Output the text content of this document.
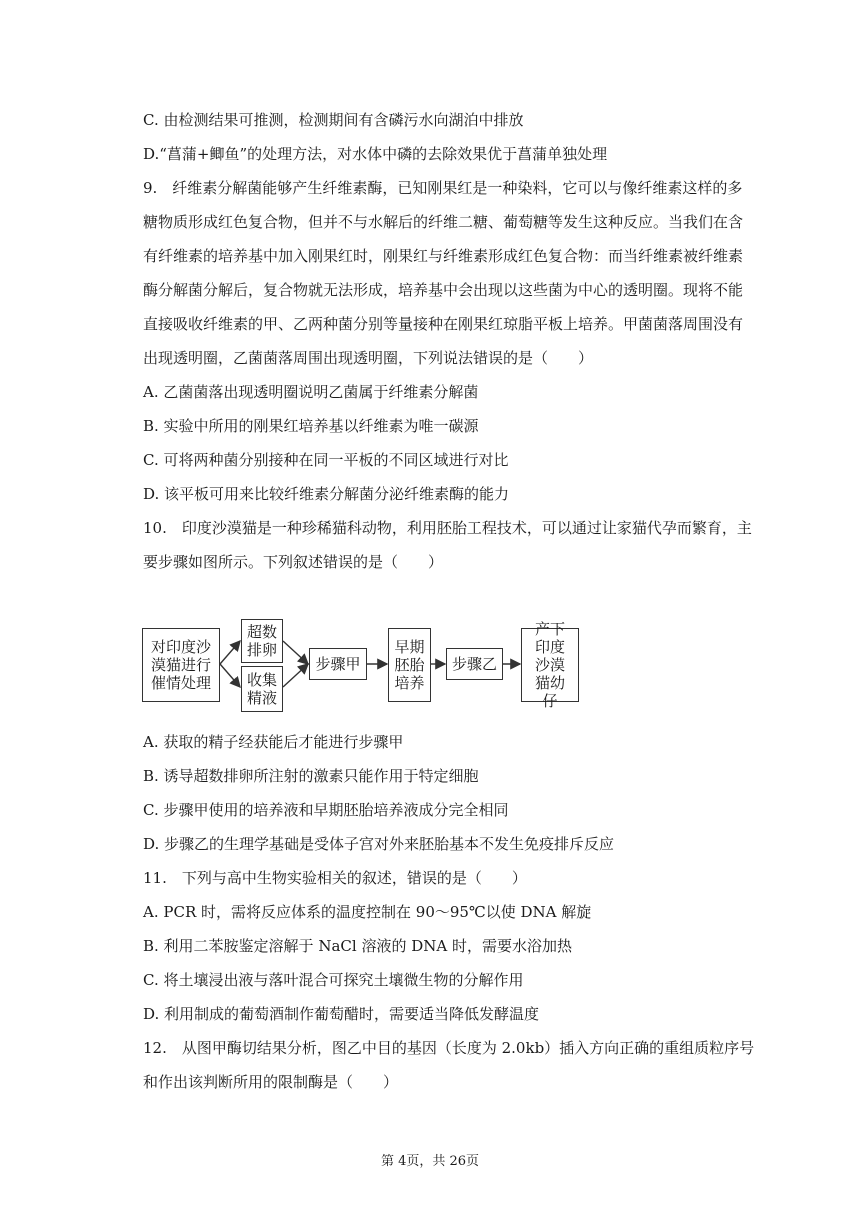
C. 由检测结果可推测，检测期间有含磷污水向湖泊中排放
D.“菖蒲+鲫鱼”的处理方法，对水体中磷的去除效果优于菖蒲单独处理
9.　纤维素分解菌能够产生纤维素酶，已知刚果红是一种染料，它可以与像纤维素这样的多
糖物质形成红色复合物，但并不与水解后的纤维二糖、葡萄糖等发生这种反应。当我们在含
有纤维素的培养基中加入刚果红时，刚果红与纤维素形成红色复合物：而当纤维素被纤维素
酶分解菌分解后，复合物就无法形成，培养基中会出现以这些菌为中心的透明圈。现将不能
直接吸收纤维素的甲、乙两种菌分别等量接种在刚果红琼脂平板上培养。甲菌菌落周围没有
出现透明圈，乙菌菌落周围出现透明圈，下列说法错误的是（　　）
A. 乙菌菌落出现透明圈说明乙菌属于纤维素分解菌
B. 实验中所用的刚果红培养基以纤维素为唯一碳源
C. 可将两种菌分别接种在同一平板的不同区域进行对比
D. 该平板可用来比较纤维素分解菌分泌纤维素酶的能力
10.　印度沙漠猫是一种珍稀猫科动物，利用胚胎工程技术，可以通过让家猫代孕而繁育，主
要步骤如图所示。下列叙述错误的是（　　）
A. 获取的精子经获能后才能进行步骤甲
B. 诱导超数排卵所注射的激素只能作用于特定细胞
C. 步骤甲使用的培养液和早期胚胎培养液成分完全相同
D. 步骤乙的生理学基础是受体子宫对外来胚胎基本不发生免疫排斥反应
11.　下列与高中生物实验相关的叙述，错误的是（　　）
A. PCR 时，需将反应体系的温度控制在 90～95℃以使 DNA 解旋
B. 利用二苯胺鉴定溶解于 NaCl 溶液的 DNA 时，需要水浴加热
C. 将土壤浸出液与落叶混合可探究土壤微生物的分解作用
D. 利用制成的葡萄酒制作葡萄醋时，需要适当降低发酵温度
12.　从图甲酶切结果分析，图乙中目的基因（长度为 2.0kb）插入方向正确的重组质粒序号
和作出该判断所用的限制酶是（　　）
对印度沙漠猫进行催情处理
超数排卵
收集精液
步骤甲
早期胚胎培养
步骤乙
产下印度沙漠猫幼仔
第 4页，共 26页
